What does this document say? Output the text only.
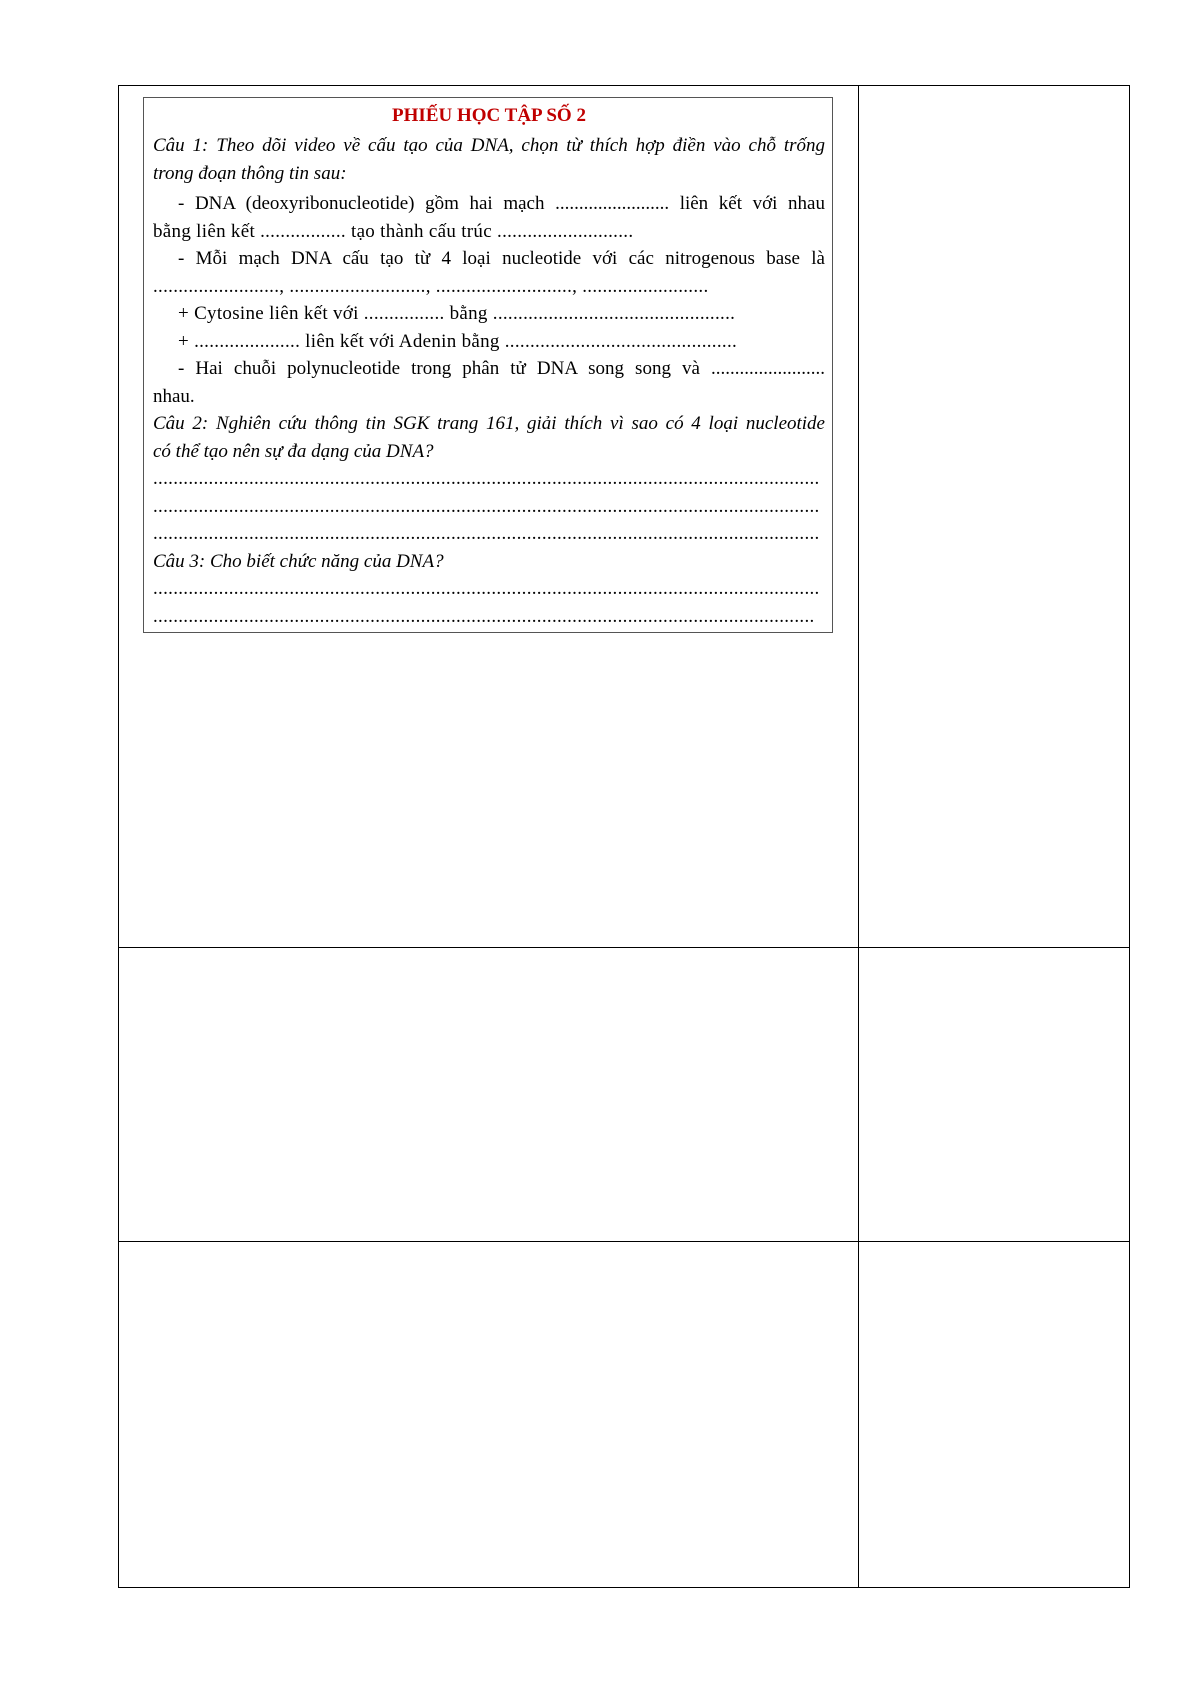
PHIẾU HỌC TẬP SỐ 2
Câu 1: Theo dõi video về cấu tạo của DNA, chọn từ thích hợp điền vào chỗ trống
trong đoạn thông tin sau:
- DNA (deoxyribonucleotide) gồm hai mạch ........................ liên kết với nhau
bằng liên kết ................. tạo thành cấu trúc ...........................
- Mỗi mạch DNA cấu tạo từ 4 loại nucleotide với các nitrogenous base là
........................., ..........................., ..........................., .........................
+ Cytosine liên kết với ................ bằng ................................................
+ ..................... liên kết với Adenin bằng ..............................................
- Hai chuỗi polynucleotide trong phân tử DNA song song và ........................
nhau.
Câu 2: Nghiên cứu thông tin SGK trang 161, giải thích vì sao có 4 loại nucleotide
có thể tạo nên sự đa dạng của DNA?
....................................................................................................................................
....................................................................................................................................
....................................................................................................................................
Câu 3: Cho biết chức năng của DNA?
....................................................................................................................................
...................................................................................................................................
